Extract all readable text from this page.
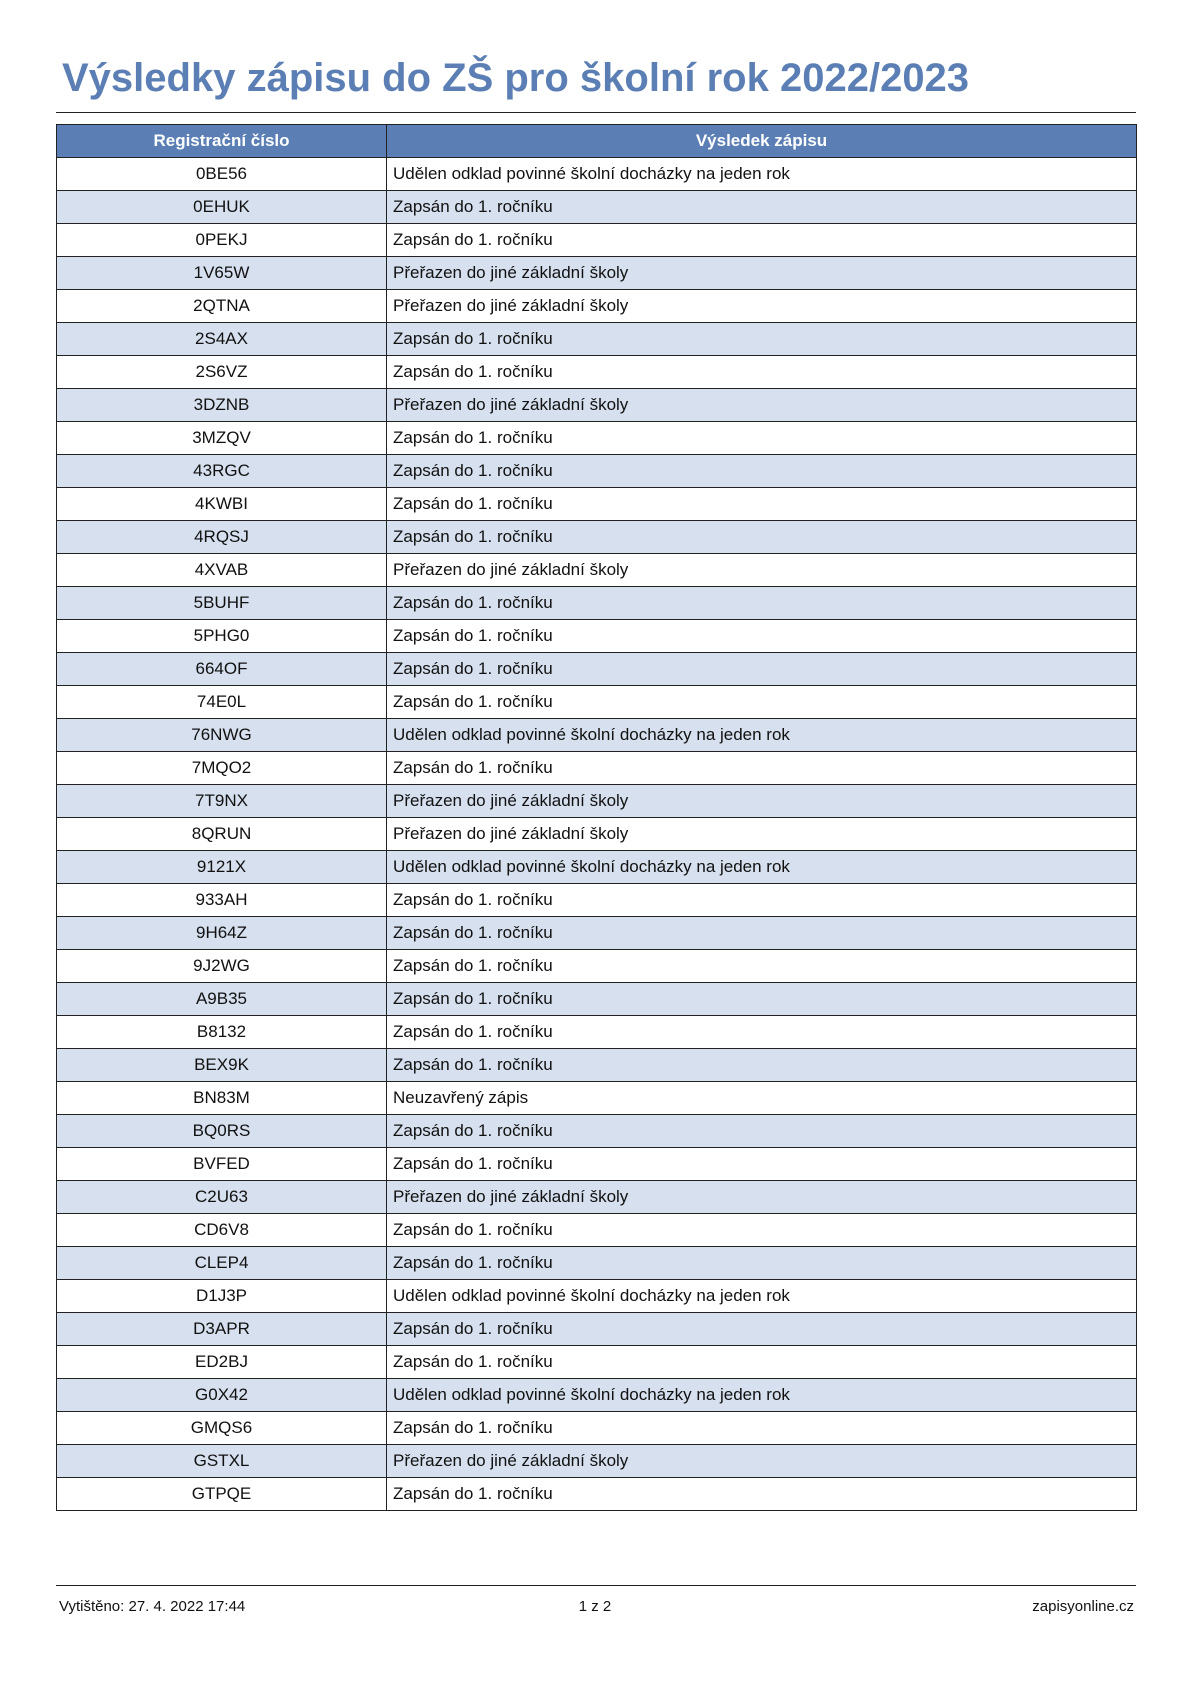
Výsledky zápisu do ZŠ pro školní rok 2022/2023
Registrační číslo	Výsledek zápisu
0BE56	Udělen odklad povinné školní docházky na jeden rok
0EHUK	Zapsán do 1. ročníku
0PEKJ	Zapsán do 1. ročníku
1V65W	Přeřazen do jiné základní školy
2QTNA	Přeřazen do jiné základní školy
2S4AX	Zapsán do 1. ročníku
2S6VZ	Zapsán do 1. ročníku
3DZNB	Přeřazen do jiné základní školy
3MZQV	Zapsán do 1. ročníku
43RGC	Zapsán do 1. ročníku
4KWBI	Zapsán do 1. ročníku
4RQSJ	Zapsán do 1. ročníku
4XVAB	Přeřazen do jiné základní školy
5BUHF	Zapsán do 1. ročníku
5PHG0	Zapsán do 1. ročníku
664OF	Zapsán do 1. ročníku
74E0L	Zapsán do 1. ročníku
76NWG	Udělen odklad povinné školní docházky na jeden rok
7MQO2	Zapsán do 1. ročníku
7T9NX	Přeřazen do jiné základní školy
8QRUN	Přeřazen do jiné základní školy
9121X	Udělen odklad povinné školní docházky na jeden rok
933AH	Zapsán do 1. ročníku
9H64Z	Zapsán do 1. ročníku
9J2WG	Zapsán do 1. ročníku
A9B35	Zapsán do 1. ročníku
B8132	Zapsán do 1. ročníku
BEX9K	Zapsán do 1. ročníku
BN83M	Neuzavřený zápis
BQ0RS	Zapsán do 1. ročníku
BVFED	Zapsán do 1. ročníku
C2U63	Přeřazen do jiné základní školy
CD6V8	Zapsán do 1. ročníku
CLEP4	Zapsán do 1. ročníku
D1J3P	Udělen odklad povinné školní docházky na jeden rok
D3APR	Zapsán do 1. ročníku
ED2BJ	Zapsán do 1. ročníku
G0X42	Udělen odklad povinné školní docházky na jeden rok
GMQS6	Zapsán do 1. ročníku
GSTXL	Přeřazen do jiné základní školy
GTPQE	Zapsán do 1. ročníku
Vytištěno: 27. 4. 2022 17:44	1 z 2	zapisyonline.cz
